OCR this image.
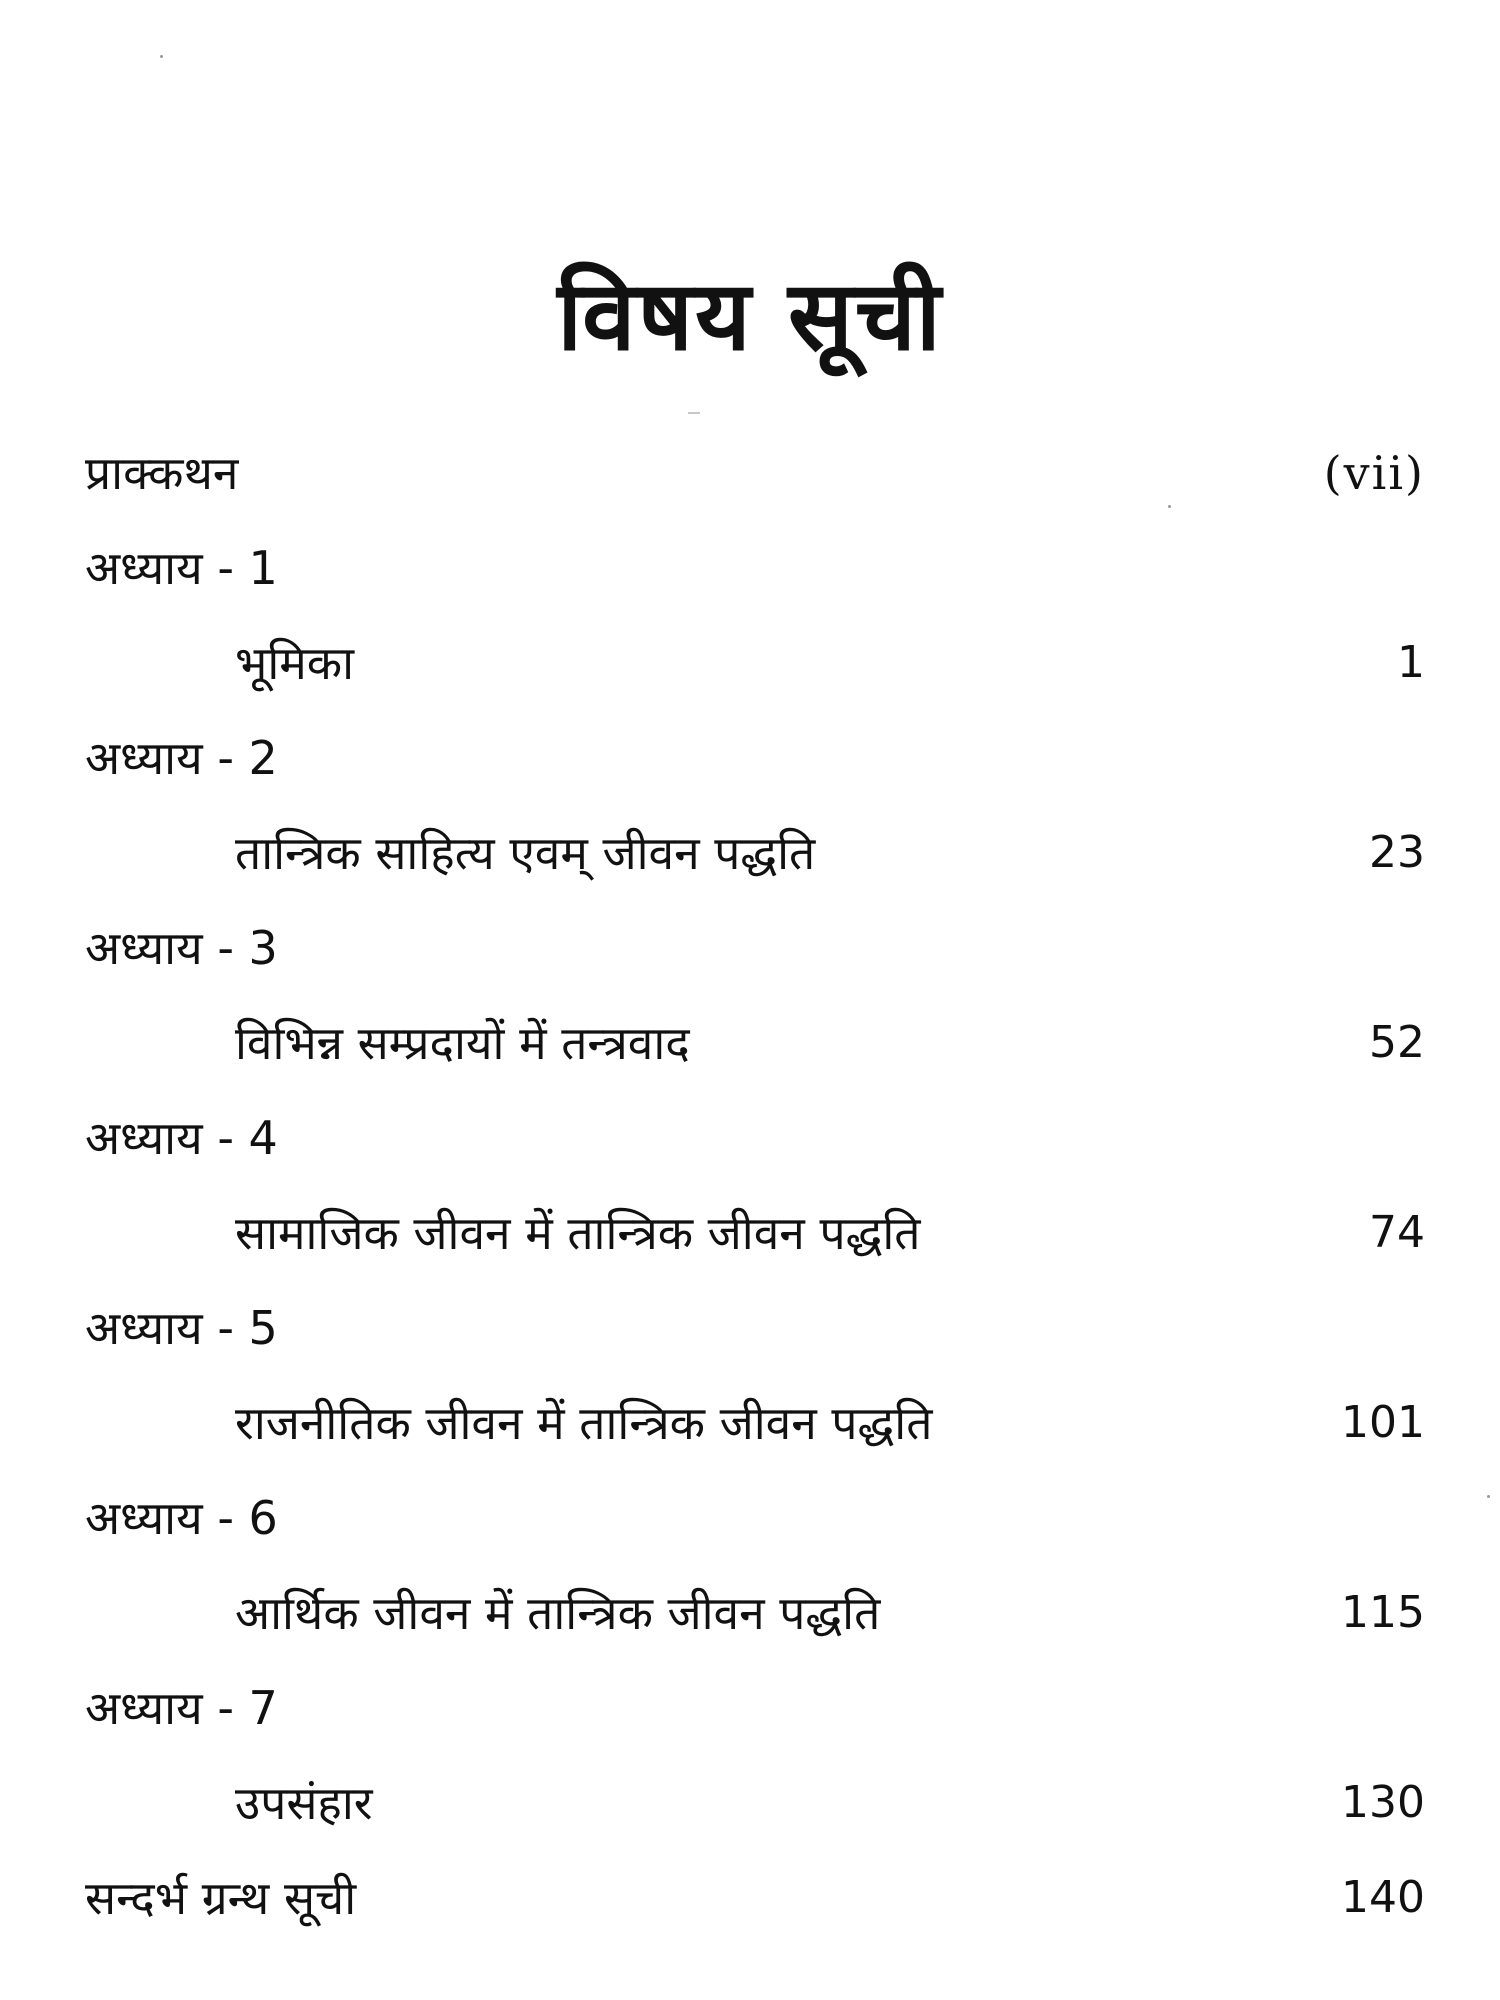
विषय सूची
प्राक्कथन	(vii)
अध्याय - 1
भूमिका	1
अध्याय - 2
तान्त्रिक साहित्य एवम् जीवन पद्धति	23
अध्याय - 3
विभिन्न सम्प्रदायों में तन्त्रवाद	52
अध्याय - 4
सामाजिक जीवन में तान्त्रिक जीवन पद्धति	74
अध्याय - 5
राजनीतिक जीवन में तान्त्रिक जीवन पद्धति	101
अध्याय - 6
आर्थिक जीवन में तान्त्रिक जीवन पद्धति	115
अध्याय - 7
उपसंहार	130
सन्दर्भ ग्रन्थ सूची	140
